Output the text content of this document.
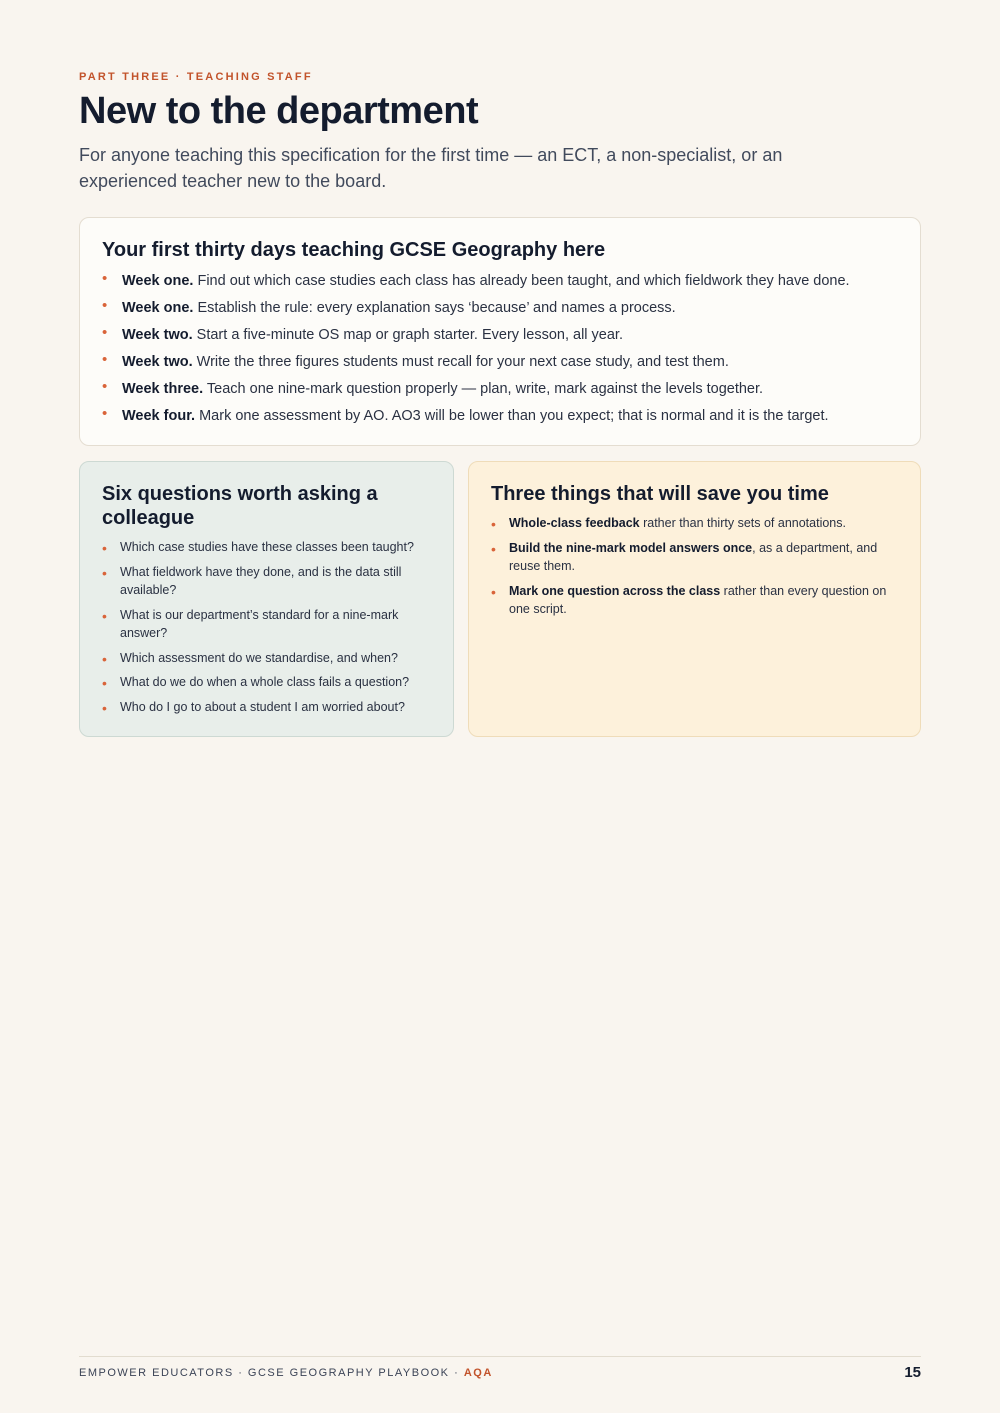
PART THREE · TEACHING STAFF
New to the department

For anyone teaching this specification for the first time — an ECT, a non-specialist, or an experienced teacher new to the board.

Your first thirty days teaching GCSE Geography here
• Week one. Find out which case studies each class has already been taught, and which fieldwork they have done.
• Week one. Establish the rule: every explanation says ‘because’ and names a process.
• Week two. Start a five-minute OS map or graph starter. Every lesson, all year.
• Week two. Write the three figures students must recall for your next case study, and test them.
• Week three. Teach one nine-mark question properly — plan, write, mark against the levels together.
• Week four. Mark one assessment by AO. AO3 will be lower than you expect; that is normal and it is the target.
Six questions worth asking a colleague
• Which case studies have these classes been taught?
• What fieldwork have they done, and is the data still available?
• What is our department’s standard for a nine-mark answer?
• Which assessment do we standardise, and when?
• What do we do when a whole class fails a question?
• Who do I go to about a student I am worried about?
Three things that will save you time
• Whole-class feedback rather than thirty sets of annotations.
• Build the nine-mark model answers once, as a department, and reuse them.
• Mark one question across the class rather than every question on one script.
EMPOWER EDUCATORS · GCSE GEOGRAPHY PLAYBOOK · AQA	15
